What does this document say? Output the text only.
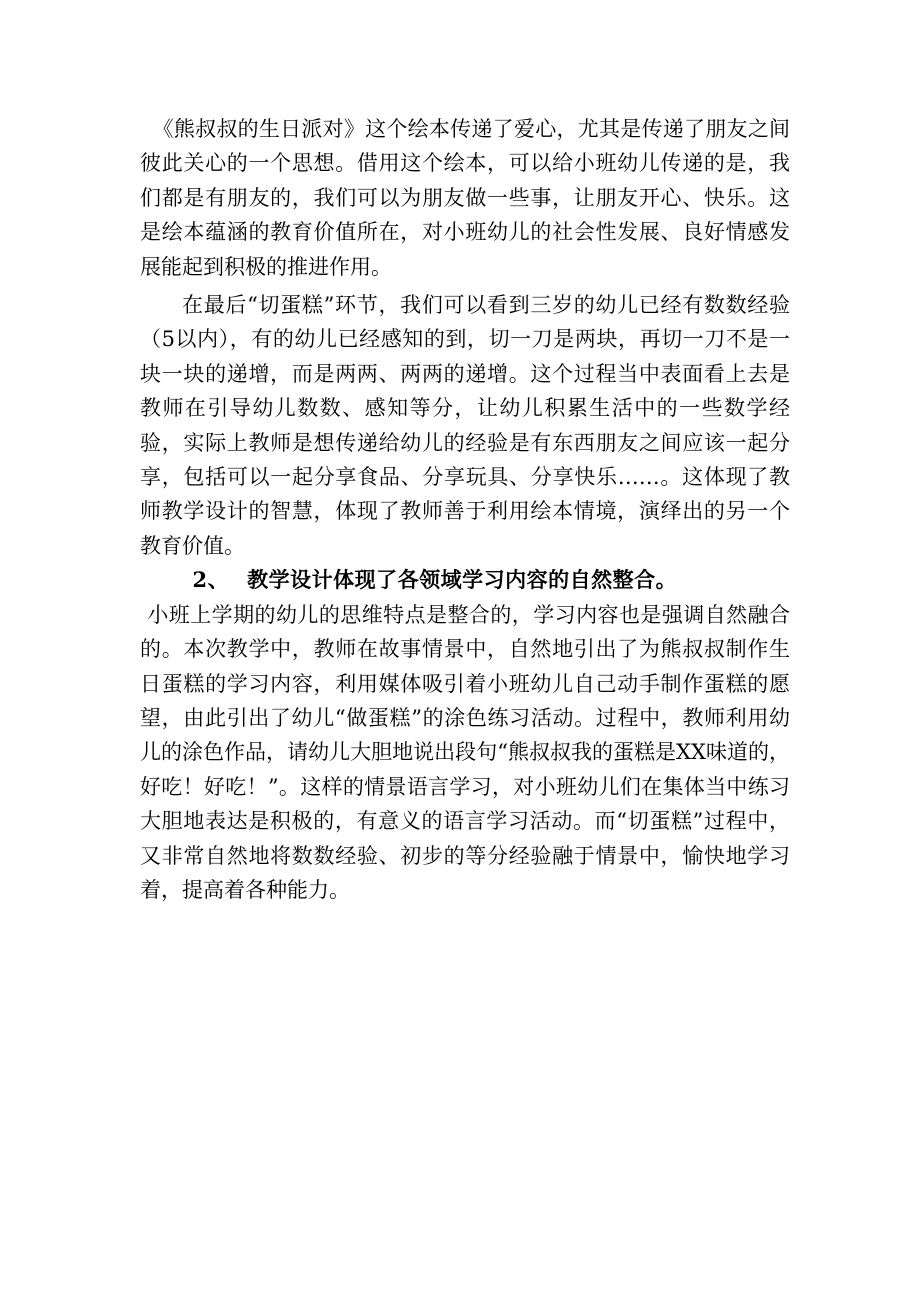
《熊叔叔的生日派对》这个绘本传递了爱心，尤其是传递了朋友之间彼此关心的一个思想。借用这个绘本，可以给小班幼儿传递的是，我们都是有朋友的，我们可以为朋友做一些事，让朋友开心、快乐。这是绘本蕴涵的教育价值所在，对小班幼儿的社会性发展、良好情感发展能起到积极的推进作用。

在最后“切蛋糕”环节，我们可以看到三岁的幼儿已经有数数经验（5以内），有的幼儿已经感知的到，切一刀是两块，再切一刀不是一块一块的递增，而是两两、两两的递增。这个过程当中表面看上去是教师在引导幼儿数数、感知等分，让幼儿积累生活中的一些数学经验，实际上教师是想传递给幼儿的经验是有东西朋友之间应该一起分享，包括可以一起分享食品、分享玩具、分享快乐……。这体现了教师教学设计的智慧，体现了教师善于利用绘本情境，演绎出的另一个教育价值。

2、 教学设计体现了各领域学习内容的自然整合。

小班上学期的幼儿的思维特点是整合的，学习内容也是强调自然融合的。本次教学中，教师在故事情景中，自然地引出了为熊叔叔制作生日蛋糕的学习内容，利用媒体吸引着小班幼儿自己动手制作蛋糕的愿望，由此引出了幼儿“做蛋糕”的涂色练习活动。过程中，教师利用幼儿的涂色作品，请幼儿大胆地说出段句“熊叔叔我的蛋糕是XX味道的，好吃！好吃！”。这样的情景语言学习，对小班幼儿们在集体当中练习大胆地表达是积极的，有意义的语言学习活动。而“切蛋糕”过程中，又非常自然地将数数经验、初步的等分经验融于情景中，愉快地学习着，提高着各种能力。
